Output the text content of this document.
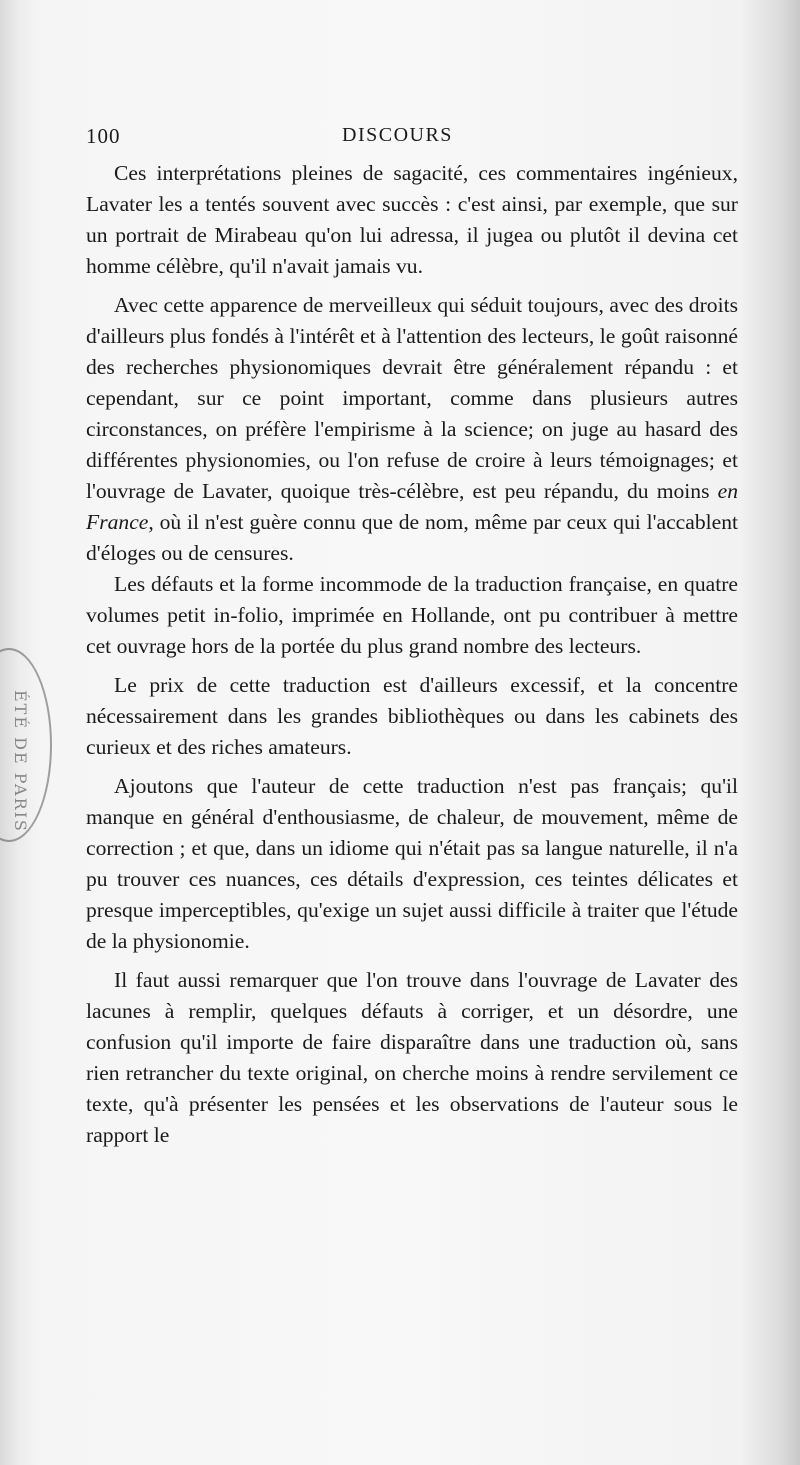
ÉTÉ DE PARIS
100	DISCOURS

Ces interprétations pleines de sagacité, ces commentaires ingénieux, Lavater les a tentés souvent avec succès : c'est ainsi, par exemple, que sur un portrait de Mirabeau qu'on lui adressa, il jugea ou plutôt il devina cet homme célèbre, qu'il n'avait jamais vu.

Avec cette apparence de merveilleux qui séduit toujours, avec des droits d'ailleurs plus fondés à l'intérêt et à l'attention des lecteurs, le goût raisonné des recherches physionomiques devrait être généralement répandu : et cependant, sur ce point important, comme dans plusieurs autres circonstances, on préfère l'empirisme à la science; on juge au hasard des différentes physionomies, ou l'on refuse de croire à leurs témoignages; et l'ouvrage de Lavater, quoique très-célèbre, est peu répandu, du moins en France, où il n'est guère connu que de nom, même par ceux qui l'accablent d'éloges ou de censures.

Les défauts et la forme incommode de la traduction française, en quatre volumes petit in-folio, imprimée en Hollande, ont pu contribuer à mettre cet ouvrage hors de la portée du plus grand nombre des lecteurs.

Le prix de cette traduction est d'ailleurs excessif, et la concentre nécessairement dans les grandes bibliothèques ou dans les cabinets des curieux et des riches amateurs.

Ajoutons que l'auteur de cette traduction n'est pas français; qu'il manque en général d'enthousiasme, de chaleur, de mouvement, même de correction ; et que, dans un idiome qui n'était pas sa langue naturelle, il n'a pu trouver ces nuances, ces détails d'expression, ces teintes délicates et presque imperceptibles, qu'exige un sujet aussi difficile à traiter que l'étude de la physionomie.

Il faut aussi remarquer que l'on trouve dans l'ouvrage de Lavater des lacunes à remplir, quelques défauts à corriger, et un désordre, une confusion qu'il importe de faire disparaître dans une traduction où, sans rien retrancher du texte original, on cherche moins à rendre servilement ce texte, qu'à présenter les pensées et les observations de l'auteur sous le rapport le
